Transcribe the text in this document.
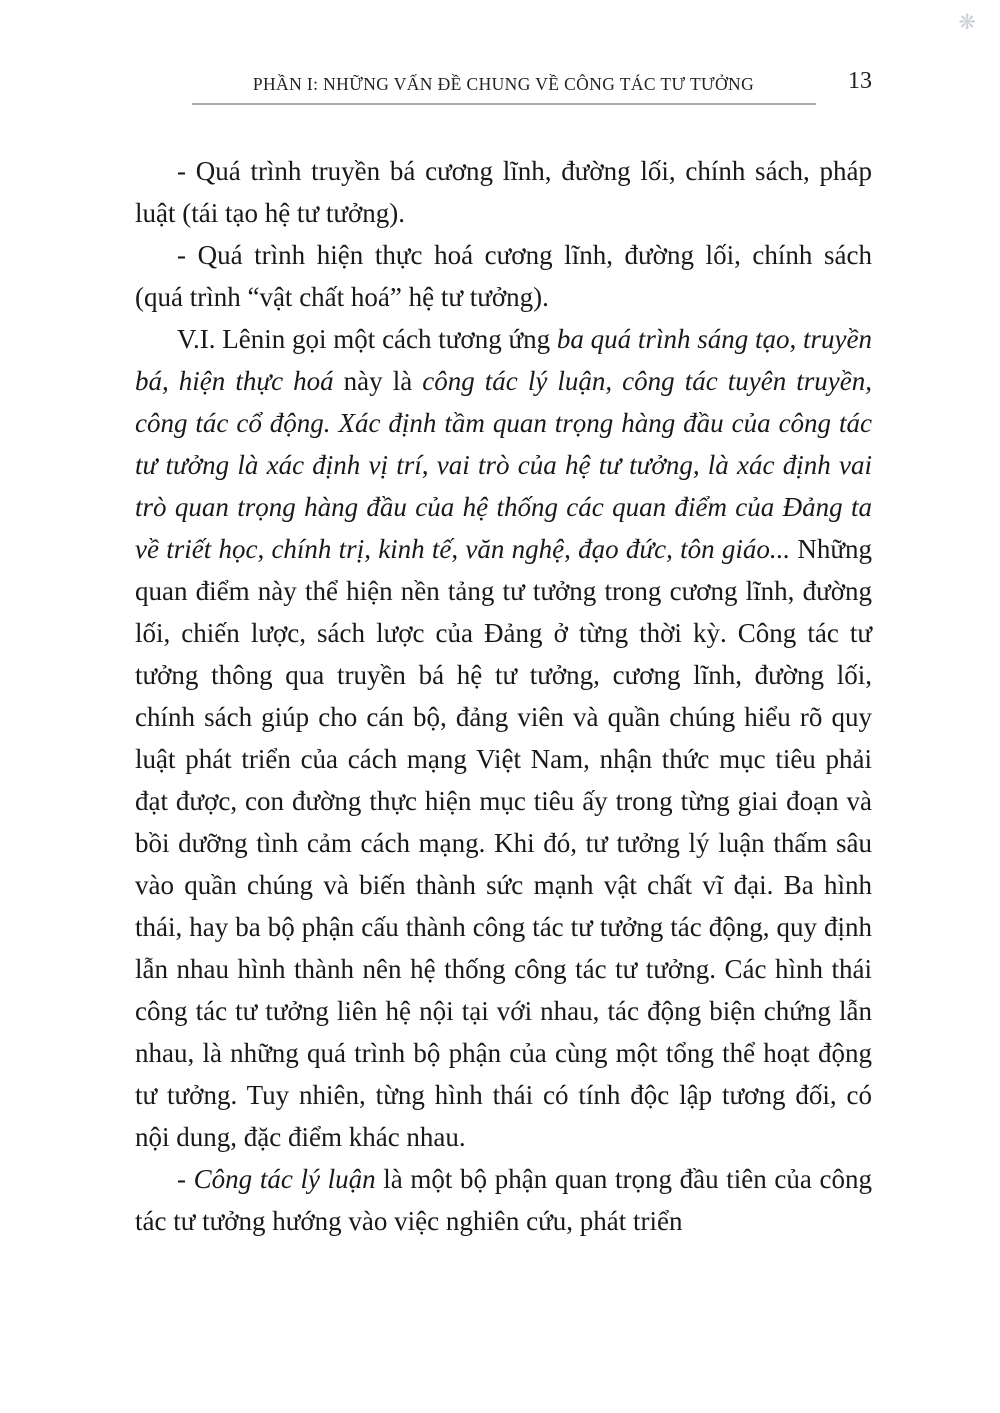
❋
PHẦN I: NHỮNG VẤN ĐỀ CHUNG VỀ CÔNG TÁC TƯ TƯỞNG	13

- Quá trình truyền bá cương lĩnh, đường lối, chính sách, pháp luật (tái tạo hệ tư tưởng).

- Quá trình hiện thực hoá cương lĩnh, đường lối, chính sách (quá trình “vật chất hoá” hệ tư tưởng).

V.I. Lênin gọi một cách tương ứng ba quá trình sáng tạo, truyền bá, hiện thực hoá này là công tác lý luận, công tác tuyên truyền, công tác cổ động. Xác định tầm quan trọng hàng đầu của công tác tư tưởng là xác định vị trí, vai trò của hệ tư tưởng, là xác định vai trò quan trọng hàng đầu của hệ thống các quan điểm của Đảng ta về triết học, chính trị, kinh tế, văn nghệ, đạo đức, tôn giáo... Những quan điểm này thể hiện nền tảng tư tưởng trong cương lĩnh, đường lối, chiến lược, sách lược của Đảng ở từng thời kỳ. Công tác tư tưởng thông qua truyền bá hệ tư tưởng, cương lĩnh, đường lối, chính sách giúp cho cán bộ, đảng viên và quần chúng hiểu rõ quy luật phát triển của cách mạng Việt Nam, nhận thức mục tiêu phải đạt được, con đường thực hiện mục tiêu ấy trong từng giai đoạn và bồi dưỡng tình cảm cách mạng. Khi đó, tư tưởng lý luận thấm sâu vào quần chúng và biến thành sức mạnh vật chất vĩ đại. Ba hình thái, hay ba bộ phận cấu thành công tác tư tưởng tác động, quy định lẫn nhau hình thành nên hệ thống công tác tư tưởng. Các hình thái công tác tư tưởng liên hệ nội tại với nhau, tác động biện chứng lẫn nhau, là những quá trình bộ phận của cùng một tổng thể hoạt động tư tưởng. Tuy nhiên, từng hình thái có tính độc lập tương đối, có nội dung, đặc điểm khác nhau.

- Công tác lý luận là một bộ phận quan trọng đầu tiên của công tác tư tưởng hướng vào việc nghiên cứu, phát triển
